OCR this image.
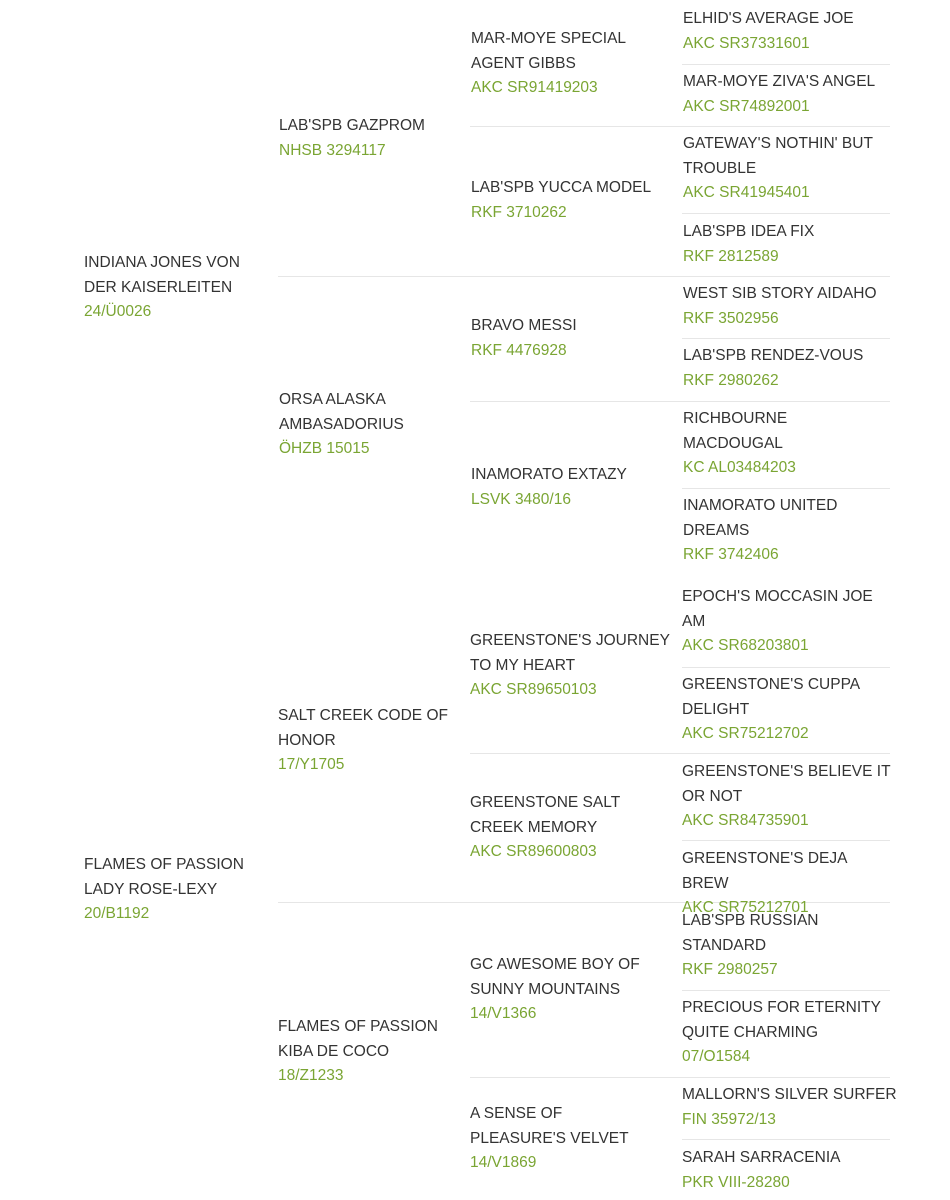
INDIANA JONES VON DER KAISERLEITEN
24/Ü0026
FLAMES OF PASSION LADY ROSE-LEXY
20/B1192
LAB'SPB GAZPROM
NHSB 3294117
ORSA ALASKA AMBASADORIUS
ÖHZB 15015
SALT CREEK CODE OF HONOR
17/Y1705
FLAMES OF PASSION KIBA DE COCO
18/Z1233
MAR-MOYE SPECIAL AGENT GIBBS
AKC SR91419203
LAB'SPB YUCCA MODEL
RKF 3710262
BRAVO MESSI
RKF 4476928
INAMORATO EXTAZY
LSVK 3480/16
GREENSTONE'S JOURNEY TO MY HEART
AKC SR89650103
GREENSTONE SALT CREEK MEMORY
AKC SR89600803
GC AWESOME BOY OF SUNNY MOUNTAINS
14/V1366
A SENSE OF PLEASURE'S VELVET
14/V1869
ELHID'S AVERAGE JOE
AKC SR37331601
MAR-MOYE ZIVA'S ANGEL
AKC SR74892001
GATEWAY'S NOTHIN' BUT TROUBLE
AKC SR41945401
LAB'SPB IDEA FIX
RKF 2812589
WEST SIB STORY AIDAHO
RKF 3502956
LAB'SPB RENDEZ-VOUS
RKF 2980262
RICHBOURNE MACDOUGAL
KC AL03484203
INAMORATO UNITED DREAMS
RKF 3742406
EPOCH'S MOCCASIN JOE AM
AKC SR68203801
GREENSTONE'S CUPPA DELIGHT
AKC SR75212702
GREENSTONE'S BELIEVE IT OR NOT
AKC SR84735901
GREENSTONE'S DEJA BREW
AKC SR75212701
LAB'SPB RUSSIAN STANDARD
RKF 2980257
PRECIOUS FOR ETERNITY QUITE CHARMING
07/O1584
MALLORN'S SILVER SURFER
FIN 35972/13
SARAH SARRACENIA
PKR VIII-28280
